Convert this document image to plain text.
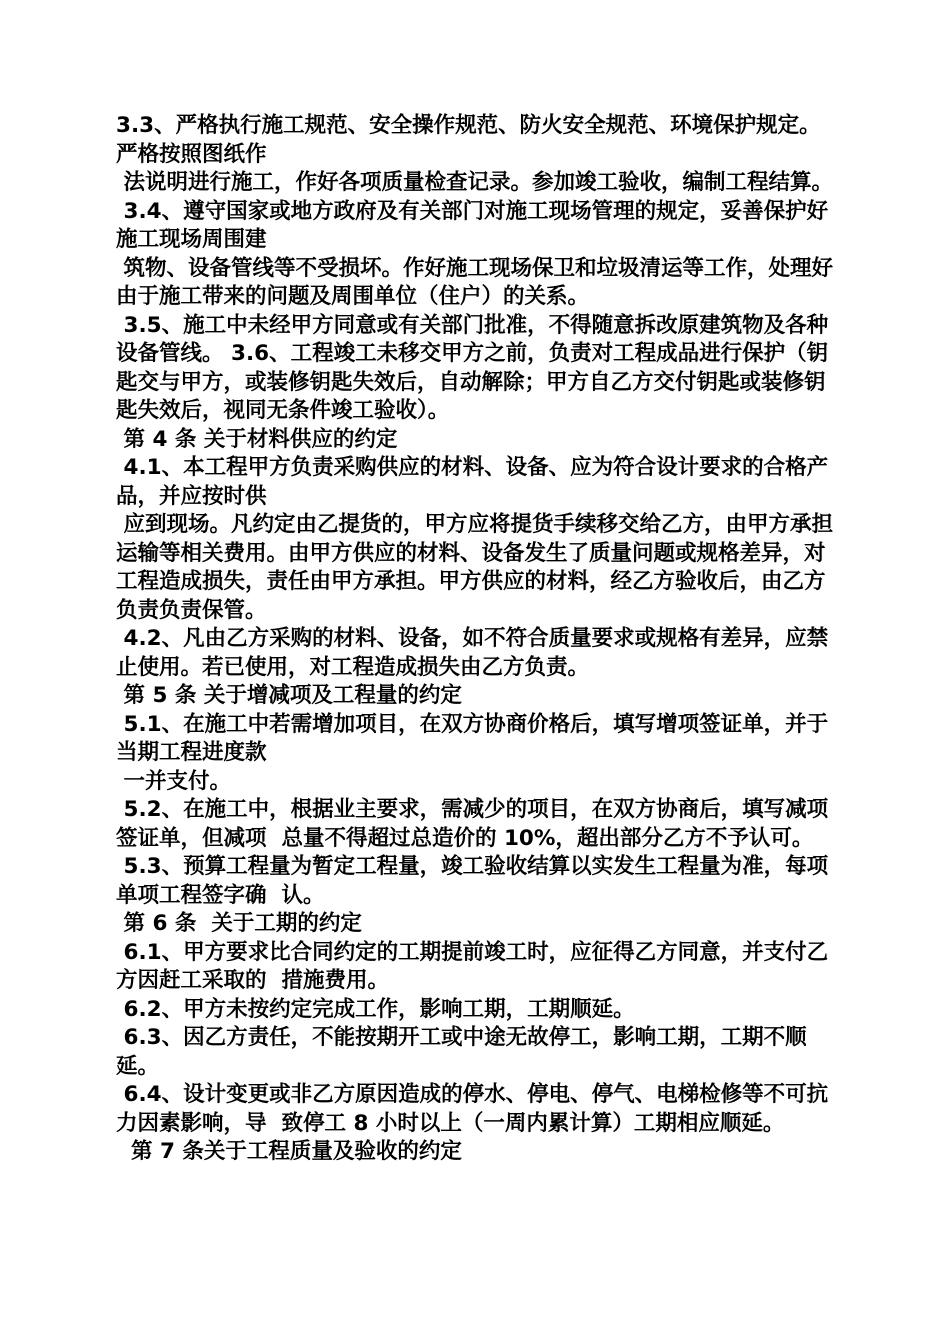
3.3、严格执行施工规范、安全操作规范、防火安全规范、环境保护规定。严格按照图纸作

法说明进行施工，作好各项质量检查记录。参加竣工验收，编制工程结算。

3.4、遵守国家或地方政府及有关部门对施工现场管理的规定，妥善保护好施工现场周围建

筑物、设备管线等不受损坏。作好施工现场保卫和垃圾清运等工作，处理好由于施工带来的问题及周围单位（住户）的关系。

3.5、施工中未经甲方同意或有关部门批准，不得随意拆改原建筑物及各种设备管线。 3.6、工程竣工未移交甲方之前，负责对工程成品进行保护（钥匙交与甲方，或装修钥匙失效后，自动解除；甲方自乙方交付钥匙或装修钥匙失效后，视同无条件竣工验收）。

第 4 条 关于材料供应的约定

4.1、本工程甲方负责采购供应的材料、设备、应为符合设计要求的合格产品，并应按时供

应到现场。凡约定由乙提货的，甲方应将提货手续移交给乙方，由甲方承担运输等相关费用。由甲方供应的材料、设备发生了质量问题或规格差异，对工程造成损失，责任由甲方承担。甲方供应的材料，经乙方验收后，由乙方负责负责保管。

4.2、凡由乙方采购的材料、设备，如不符合质量要求或规格有差异，应禁止使用。若已使用，对工程造成损失由乙方负责。

第 5 条 关于增减项及工程量的约定

5.1、在施工中若需增加项目，在双方协商价格后，填写增项签证单，并于当期工程进度款

一并支付。

5.2、在施工中，根据业主要求，需减少的项目，在双方协商后，填写减项签证单，但减项  总量不得超过总造价的 10%，超出部分乙方不予认可。

5.3、预算工程量为暂定工程量，竣工验收结算以实发生工程量为准，每项单项工程签字确  认。

第 6 条  关于工期的约定

6.1、甲方要求比合同约定的工期提前竣工时，应征得乙方同意，并支付乙方因赶工采取的  措施费用。

6.2、甲方未按约定完成工作，影响工期，工期顺延。

6.3、因乙方责任，不能按期开工或中途无故停工，影响工期，工期不顺延。

6.4、设计变更或非乙方原因造成的停水、停电、停气、电梯检修等不可抗力因素影响，导  致停工 8 小时以上（一周内累计算）工期相应顺延。

第 7 条关于工程质量及验收的约定
